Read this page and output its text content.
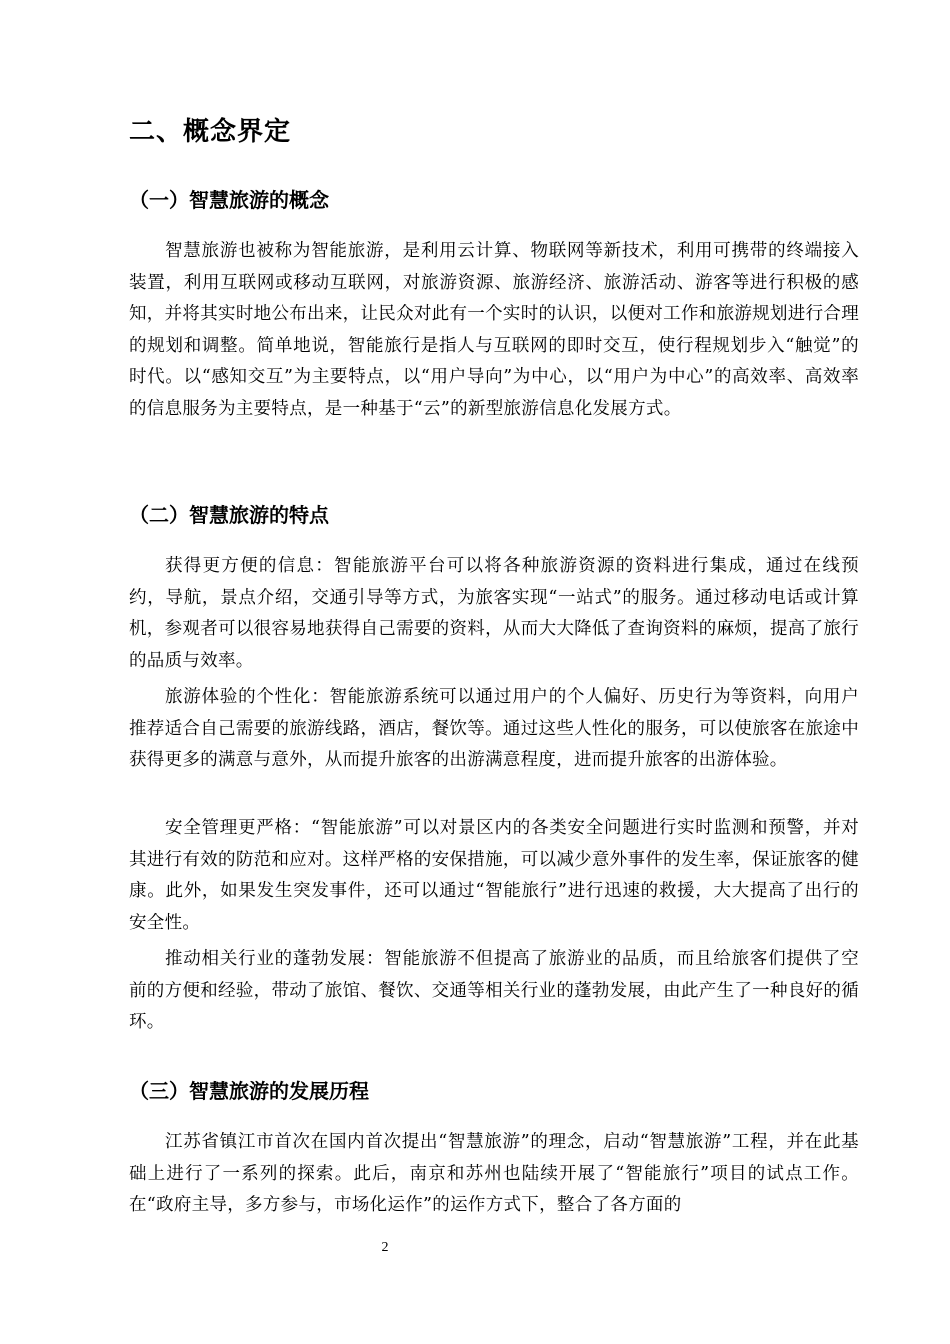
二、概念界定
（一）智慧旅游的概念

智慧旅游也被称为智能旅游，是利用云计算、物联网等新技术，利用可携带的终端接入装置，利用互联网或移动互联网，对旅游资源、旅游经济、旅游活动、游客等进行积极的感知，并将其实时地公布出来，让民众对此有一个实时的认识，以便对工作和旅游规划进行合理的规划和调整。简单地说，智能旅行是指人与互联网的即时交互，使行程规划步入“触觉”的时代。以“感知交互”为主要特点，以“用户导向”为中心，以“用户为中心”的高效率、高效率的信息服务为主要特点，是一种基于“云”的新型旅游信息化发展方式。

（二）智慧旅游的特点

获得更方便的信息：智能旅游平台可以将各种旅游资源的资料进行集成，通过在线预约，导航，景点介绍，交通引导等方式，为旅客实现“一站式”的服务。通过移动电话或计算机，参观者可以很容易地获得自己需要的资料，从而大大降低了查询资料的麻烦，提高了旅行的品质与效率。

旅游体验的个性化：智能旅游系统可以通过用户的个人偏好、历史行为等资料，向用户推荐适合自己需要的旅游线路，酒店，餐饮等。通过这些人性化的服务，可以使旅客在旅途中获得更多的满意与意外，从而提升旅客的出游满意程度，进而提升旅客的出游体验。

安全管理更严格：“智能旅游”可以对景区内的各类安全问题进行实时监测和预警，并对其进行有效的防范和应对。这样严格的安保措施，可以减少意外事件的发生率，保证旅客的健康。此外，如果发生突发事件，还可以通过“智能旅行”进行迅速的救援，大大提高了出行的安全性。

推动相关行业的蓬勃发展：智能旅游不但提高了旅游业的品质，而且给旅客们提供了空前的方便和经验，带动了旅馆、餐饮、交通等相关行业的蓬勃发展，由此产生了一种良好的循环。

（三）智慧旅游的发展历程

江苏省镇江市首次在国内首次提出“智慧旅游”的理念，启动“智慧旅游”工程，并在此基础上进行了一系列的探索。此后，南京和苏州也陆续开展了“智能旅行”项目的试点工作。在“政府主导，多方参与，市场化运作”的运作方式下，整合了各方面的

2
